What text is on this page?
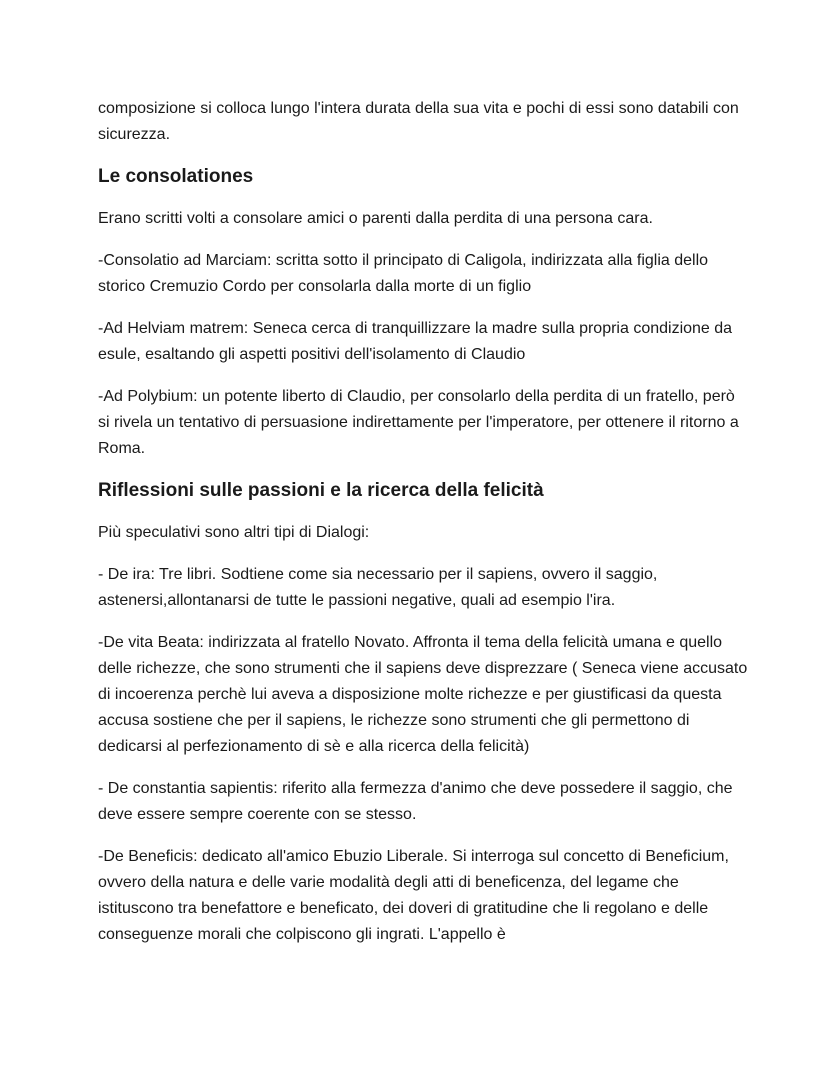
composizione si colloca lungo l'intera durata della sua vita e pochi di essi sono databili con sicurezza.

Le consolationes

Erano scritti volti a consolare amici o parenti dalla perdita di una persona cara.

-Consolatio ad Marciam: scritta sotto il principato di Caligola, indirizzata alla figlia dello storico Cremuzio Cordo per consolarla dalla morte di un figlio

-Ad Helviam matrem: Seneca cerca di tranquillizzare la madre sulla propria condizione da esule, esaltando gli aspetti positivi dell'isolamento di Claudio

-Ad Polybium: un potente liberto di Claudio, per consolarlo della perdita di un fratello, però si rivela un tentativo di persuasione indirettamente per l'imperatore, per ottenere il ritorno a Roma.

Riflessioni sulle passioni e la ricerca della felicità

Più speculativi sono altri tipi di Dialogi:

- De ira: Tre libri. Sodtiene come sia necessario per il sapiens, ovvero il saggio, astenersi,allontanarsi de tutte le passioni negative, quali ad esempio l'ira.

-De vita Beata: indirizzata al fratello Novato. Affronta il tema della felicità umana e quello delle richezze, che sono strumenti che il sapiens deve disprezzare ( Seneca viene accusato di incoerenza perchè lui aveva a disposizione molte richezze e per giustificasi da questa accusa sostiene che per il sapiens, le richezze sono strumenti che gli permettono di dedicarsi al perfezionamento di sè e alla ricerca della felicità)

- De constantia sapientis: riferito alla fermezza d'animo che deve possedere il saggio, che deve essere sempre coerente con se stesso.

-De Beneficis: dedicato all'amico Ebuzio Liberale. Si interroga sul concetto di Beneficium, ovvero della natura e delle varie modalità degli atti di beneficenza, del legame che istituscono tra benefattore e beneficato, dei doveri di gratitudine che li regolano e delle conseguenze morali che colpiscono gli ingrati. L'appello è
